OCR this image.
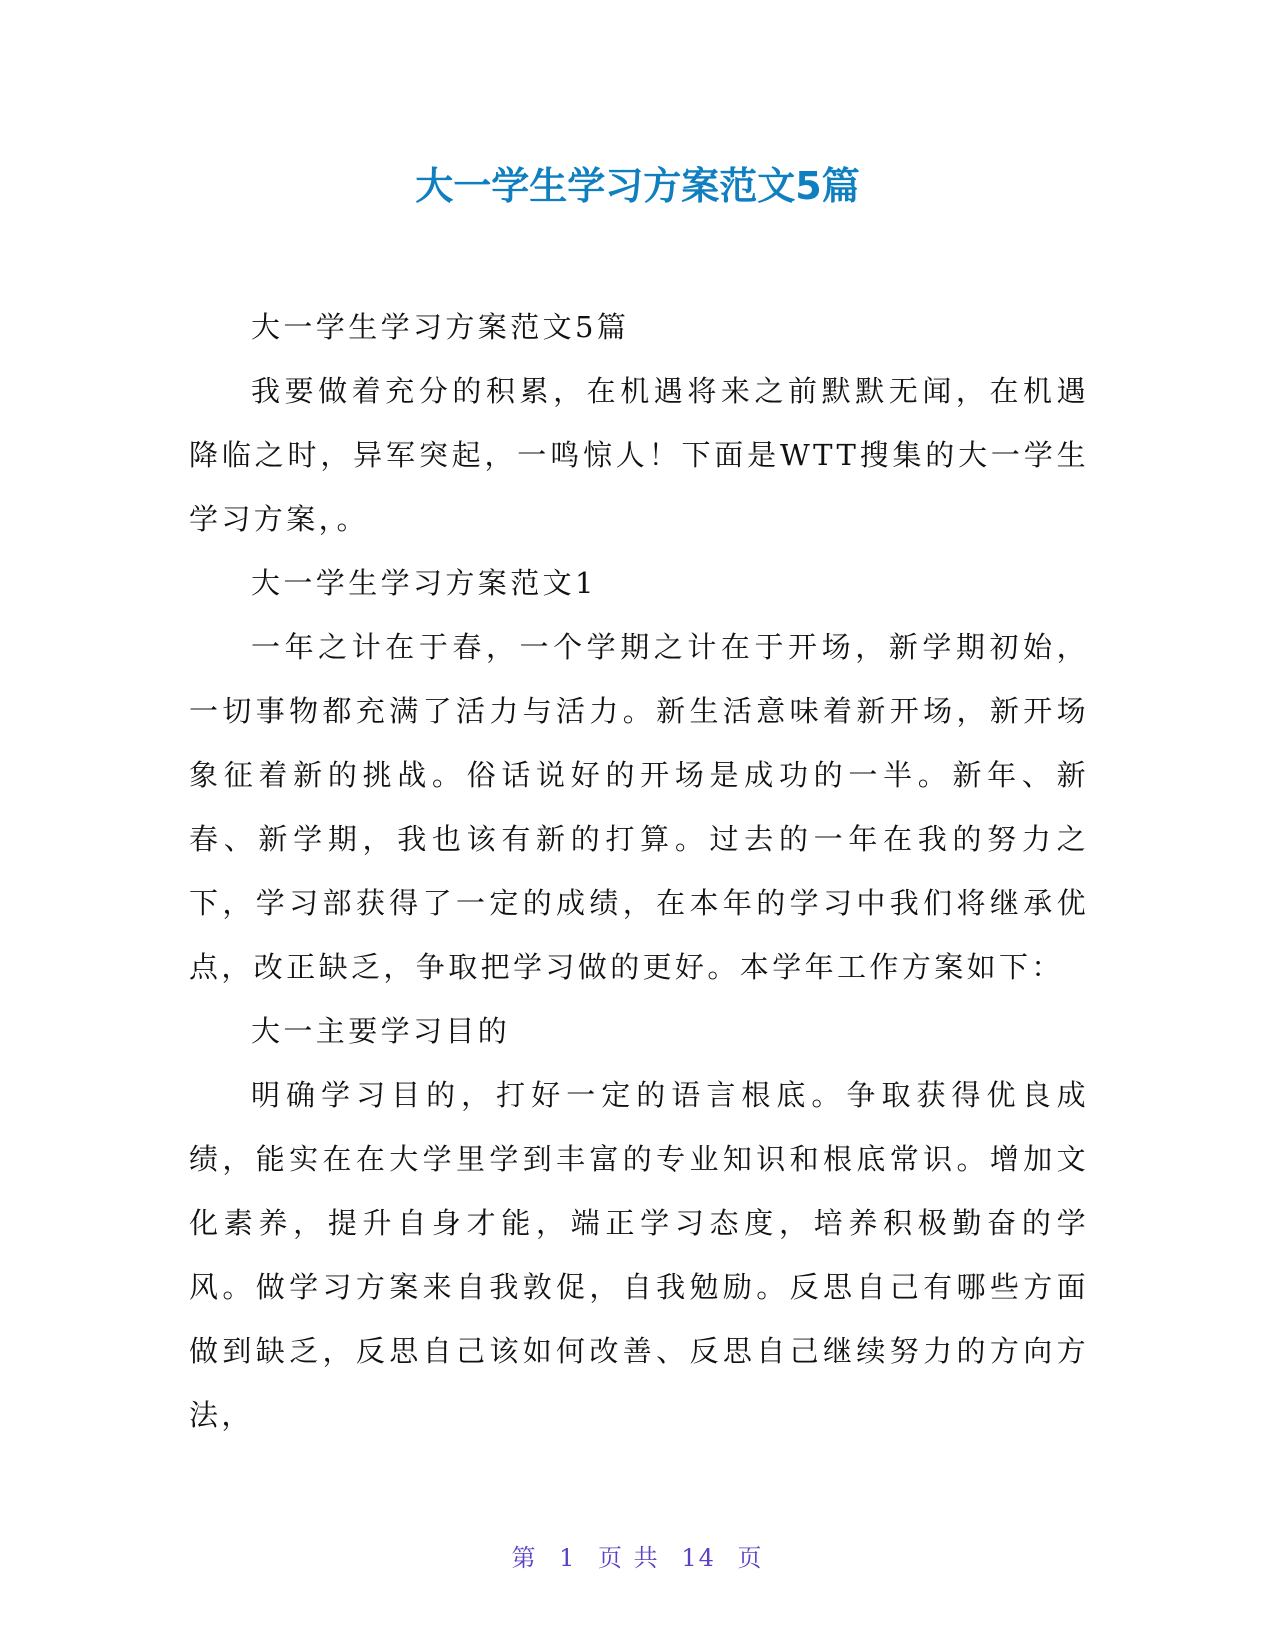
大一学生学习方案范文5篇

大一学生学习方案范文5篇

我要做着充分的积累，在机遇将来之前默默无闻，在机遇降临之时，异军突起，一鸣惊人！下面是WTT搜集的大一学生学习方案，。

大一学生学习方案范文1

一年之计在于春，一个学期之计在于开场，新学期初始，一切事物都充满了活力与活力。新生活意味着新开场，新开场象征着新的挑战。俗话说好的开场是成功的一半。新年、新春、新学期，我也该有新的打算。过去的一年在我的努力之下，学习部获得了一定的成绩，在本年的学习中我们将继承优点，改正缺乏，争取把学习做的更好。本学年工作方案如下：

大一主要学习目的

明确学习目的，打好一定的语言根底。争取获得优良成绩，能实在在大学里学到丰富的专业知识和根底常识。增加文化素养，提升自身才能，端正学习态度，培养积极勤奋的学风。做学习方案来自我敦促，自我勉励。反思自己有哪些方面做到缺乏，反思自己该如何改善、反思自己继续努力的方向方法，

第 1 页 共 14 页
